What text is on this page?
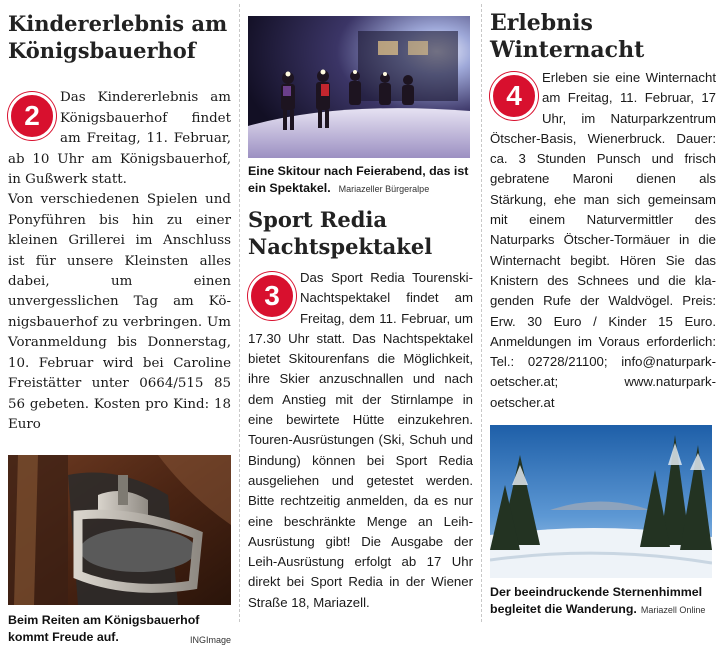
Kindererlebnis am Königsbauerhof

2
Das Kindererlebnis am Königsbauerhof findet am Freitag, 11. Februar, ab 10 Uhr am Königsbauerhof, in Gußwerk statt.
Von verschiedenen Spielen und Ponyführen bis hin zu einer kleinen Grillerei im Anschluss ist für unsere Kleinsten alles dabei, um einen unvergesslichen Tag am Königsbauerhof zu verbringen. Um Voranmeldung bis Donnerstag, 10. Februar wird bei Caroline Freistätter unter 0664/515 85 56 gebeten. Kosten pro Kind: 18 Euro

Beim Reiten am Königsbauerhof kommt Freude auf.	INGImage

Eine Skitour nach Feierabend, das ist ein Spektakel. Mariazeller Bürgeralpe

Sport Redia Nachtspektakel
3
Das Sport Redia Tourenski-Nachtspektakel findet am Freitag, dem 11. Februar, um 17.30 Uhr statt. Das Nachtspektakel bietet Skitourenfans die Möglichkeit, ihre Skier anzuschnallen und nach dem Anstieg mit der Stirnlampe in eine bewirtete Hütte einzukehren. Touren-Ausrüstungen (Ski, Schuh und Bindung) können bei Sport Redia ausgeliehen und getestet werden. Bitte rechtzeitig anmelden, da es nur eine beschränkte Menge an Leih-Ausrüstung gibt! Die Ausgabe der Leih-Ausrüstung erfolgt ab 17 Uhr direkt bei Sport Redia in der Wiener Straße 18, Mariazell.
Erlebnis Winternacht
4
Erleben sie eine Winternacht am Freitag, 11. Februar, 17 Uhr, im Naturparkzentrum Ötscher-Basis, Wienerbruck. Dauer: ca. 3 Stunden Punsch und frisch gebratene Maroni dienen als Stärkung, ehe man sich gemeinsam mit einem Naturvermittler des Naturparks Ötscher-Tormäuer in die Winternacht begibt. Hören Sie das Knistern des Schnees und die klagenden Rufe der Waldvögel. Preis: Erw. 30 Euro / Kinder 15 Euro. Anmeldungen im Voraus erforderlich: Tel.: 02728/21100; info@naturpark-oetscher.at; www.naturpark-oetscher.at

Der beeindruckende Sternenhimmel begleitet die Wanderung. Mariazell Online
